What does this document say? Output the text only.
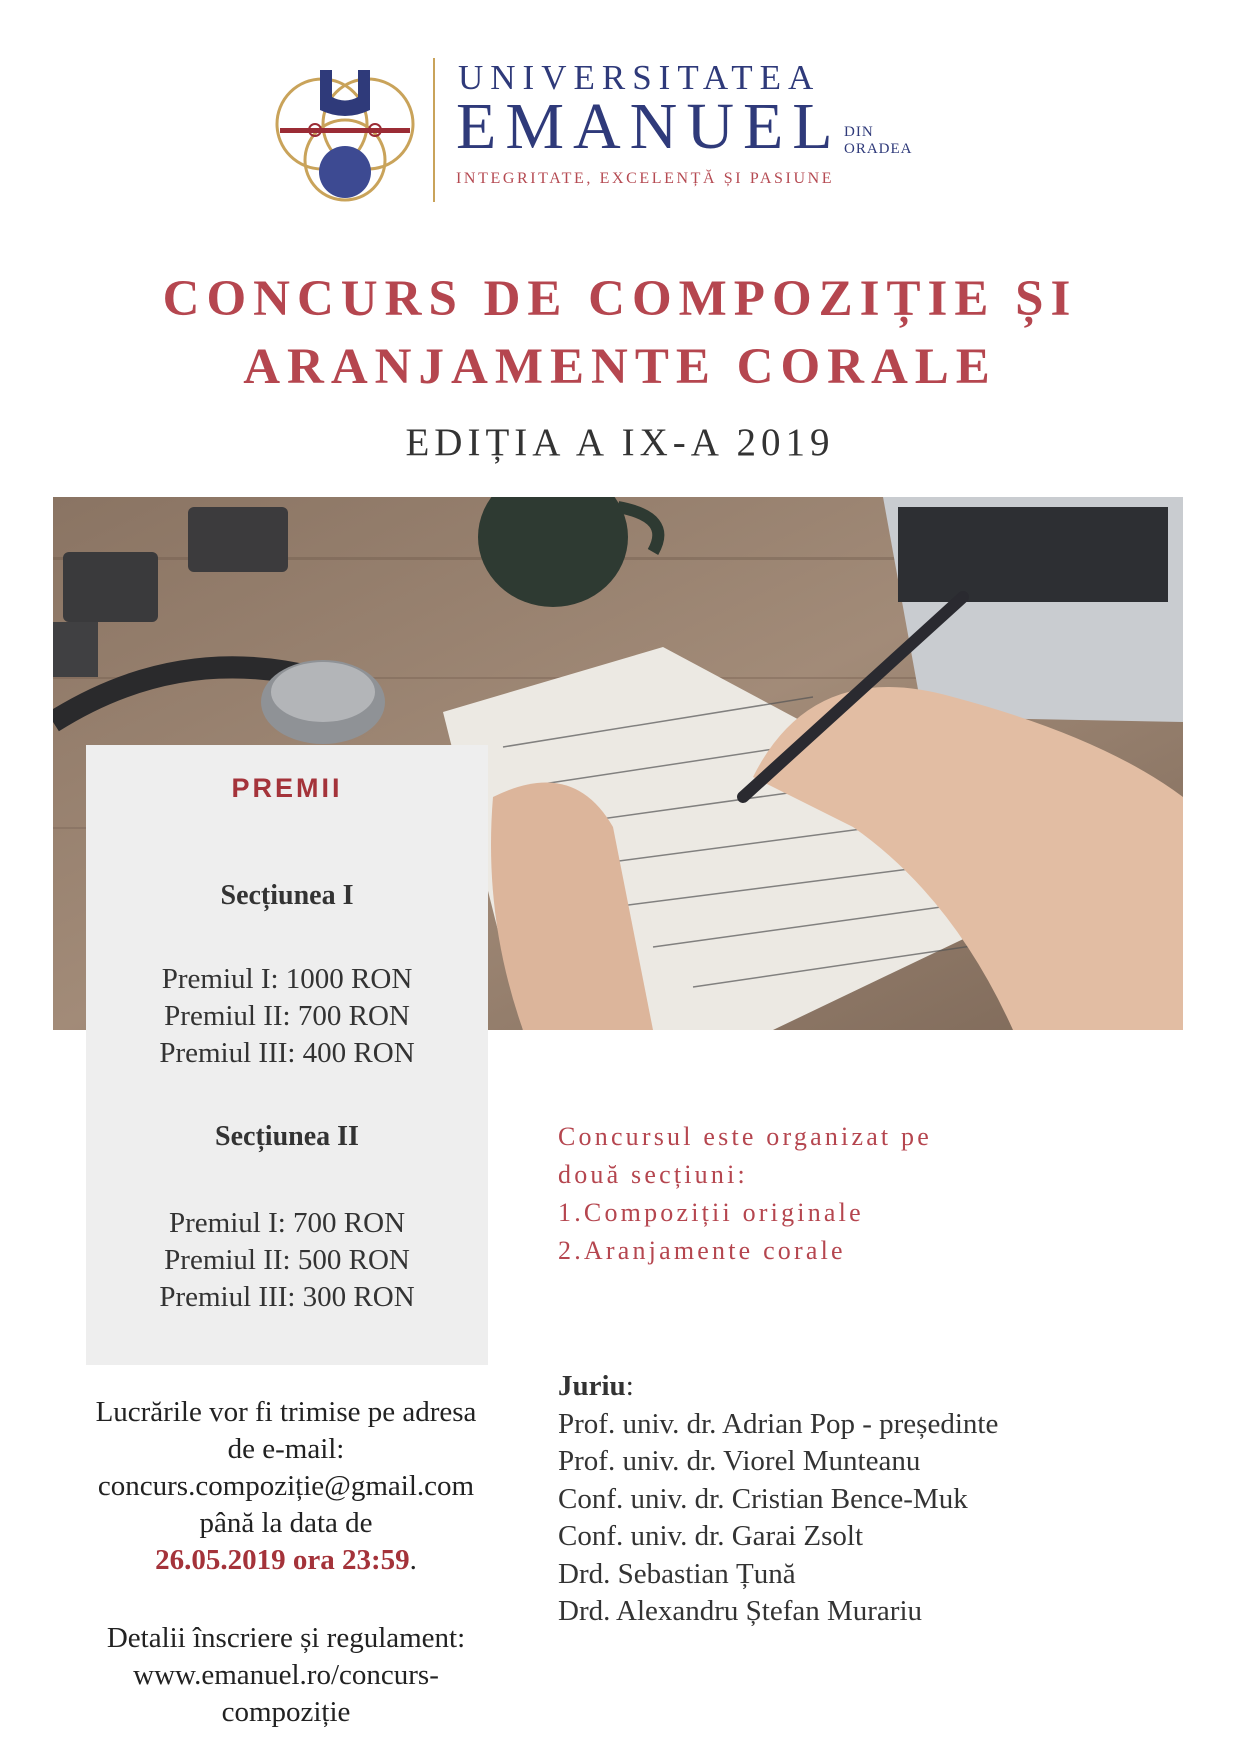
UNIVERSITATEA
EMANUEL DIN
ORADEA
INTEGRITATE, EXCELENȚĂ ȘI PASIUNE
CONCURS DE COMPOZIȚIE ȘI
ARANJAMENTE CORALE
EDIȚIA A IX-A 2019
PREMII
Secțiunea I
Premiul I: 1000 RON
Premiul II: 700 RON
Premiul III: 400 RON
Secțiunea II
Premiul I: 700 RON
Premiul II: 500 RON
Premiul III: 300 RON
Concursul este organizat pe
două secțiuni:
1.Compoziții originale
2.Aranjamente corale
Juriu:
Prof. univ. dr. Adrian Pop - președinte
Prof. univ. dr. Viorel Munteanu
Conf. univ. dr. Cristian Bence-Muk
Conf. univ. dr. Garai Zsolt
Drd. Sebastian Țună
Drd. Alexandru Ștefan Murariu
Lucrările vor fi trimise pe adresa
de e-mail:
concurs.compoziție@gmail.com
până la data de
26.05.2019 ora 23:59.
Detalii înscriere și regulament:
www.emanuel.ro/concurs-
compoziție
